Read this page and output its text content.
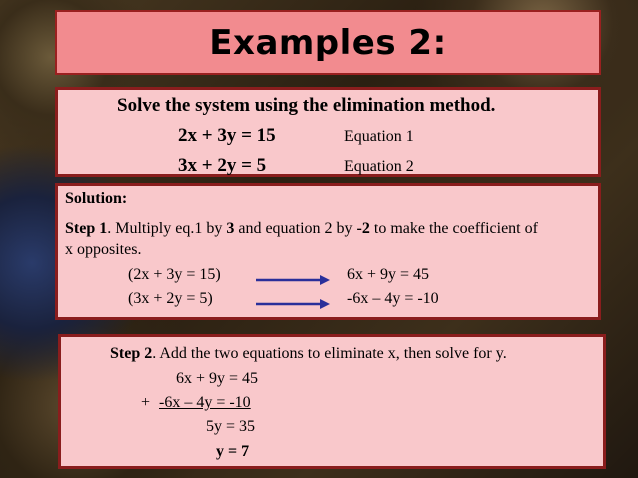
Examples 2:
Solve the system using the elimination method.
2x + 3y = 15	Equation 1
3x + 2y = 5	Equation 2
Solution:
Step 1. Multiply eq.1 by 3 and equation 2 by -2 to make the coefficient of
x opposites.
(2x + 3y = 15)	6x + 9y = 45
(3x + 2y = 5)	-6x – 4y = -10
Step 2. Add the two equations to eliminate x, then solve for y.
6x + 9y = 45
+ -6x – 4y = -10
5y = 35
y = 7
